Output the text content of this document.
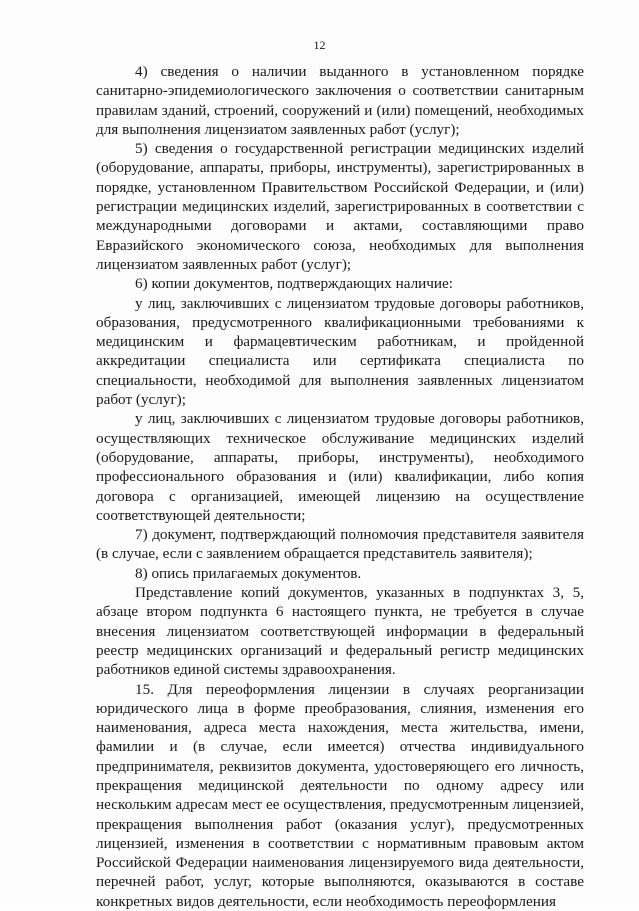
12

4) сведения о наличии выданного в установленном порядке санитарно-эпидемиологического заключения о соответствии санитарным правилам зданий, строений, сооружений и (или) помещений, необходимых для выполнения лицензиатом заявленных работ (услуг);

5) сведения о государственной регистрации медицинских изделий (оборудование, аппараты, приборы, инструменты), зарегистрированных в порядке, установленном Правительством Российской Федерации, и (или) регистрации медицинских изделий, зарегистрированных в соответствии с международными договорами и актами, составляющими право Евразийского экономического союза, необходимых для выполнения лицензиатом заявленных работ (услуг);

6) копии документов, подтверждающих наличие:

у лиц, заключивших с лицензиатом трудовые договоры работников, образования, предусмотренного квалификационными требованиями к медицинским и фармацевтическим работникам, и пройденной аккредитации специалиста или сертификата специалиста по специальности, необходимой для выполнения заявленных лицензиатом работ (услуг);

у лиц, заключивших с лицензиатом трудовые договоры работников, осуществляющих техническое обслуживание медицинских изделий (оборудование, аппараты, приборы, инструменты), необходимого профессионального образования и (или) квалификации, либо копия договора с организацией, имеющей лицензию на осуществление соответствующей деятельности;

7) документ, подтверждающий полномочия представителя заявителя (в случае, если с заявлением обращается представитель заявителя);

8) опись прилагаемых документов.

Представление копий документов, указанных в подпунктах 3, 5, абзаце втором подпункта 6 настоящего пункта, не требуется в случае внесения лицензиатом соответствующей информации в федеральный реестр медицинских организаций и федеральный регистр медицинских работников единой системы здравоохранения.

15. Для переоформления лицензии в случаях реорганизации юридического лица в форме преобразования, слияния, изменения его наименования, адреса места нахождения, места жительства, имени, фамилии и (в случае, если имеется) отчества индивидуального предпринимателя, реквизитов документа, удостоверяющего его личность, прекращения медицинской деятельности по одному адресу или нескольким адресам мест ее осуществления, предусмотренным лицензией, прекращения выполнения работ (оказания услуг), предусмотренных лицензией, изменения в соответствии с нормативным правовым актом Российской Федерации наименования лицензируемого вида деятельности, перечней работ, услуг, которые выполняются, оказываются в составе конкретных видов деятельности, если необходимость переоформления
